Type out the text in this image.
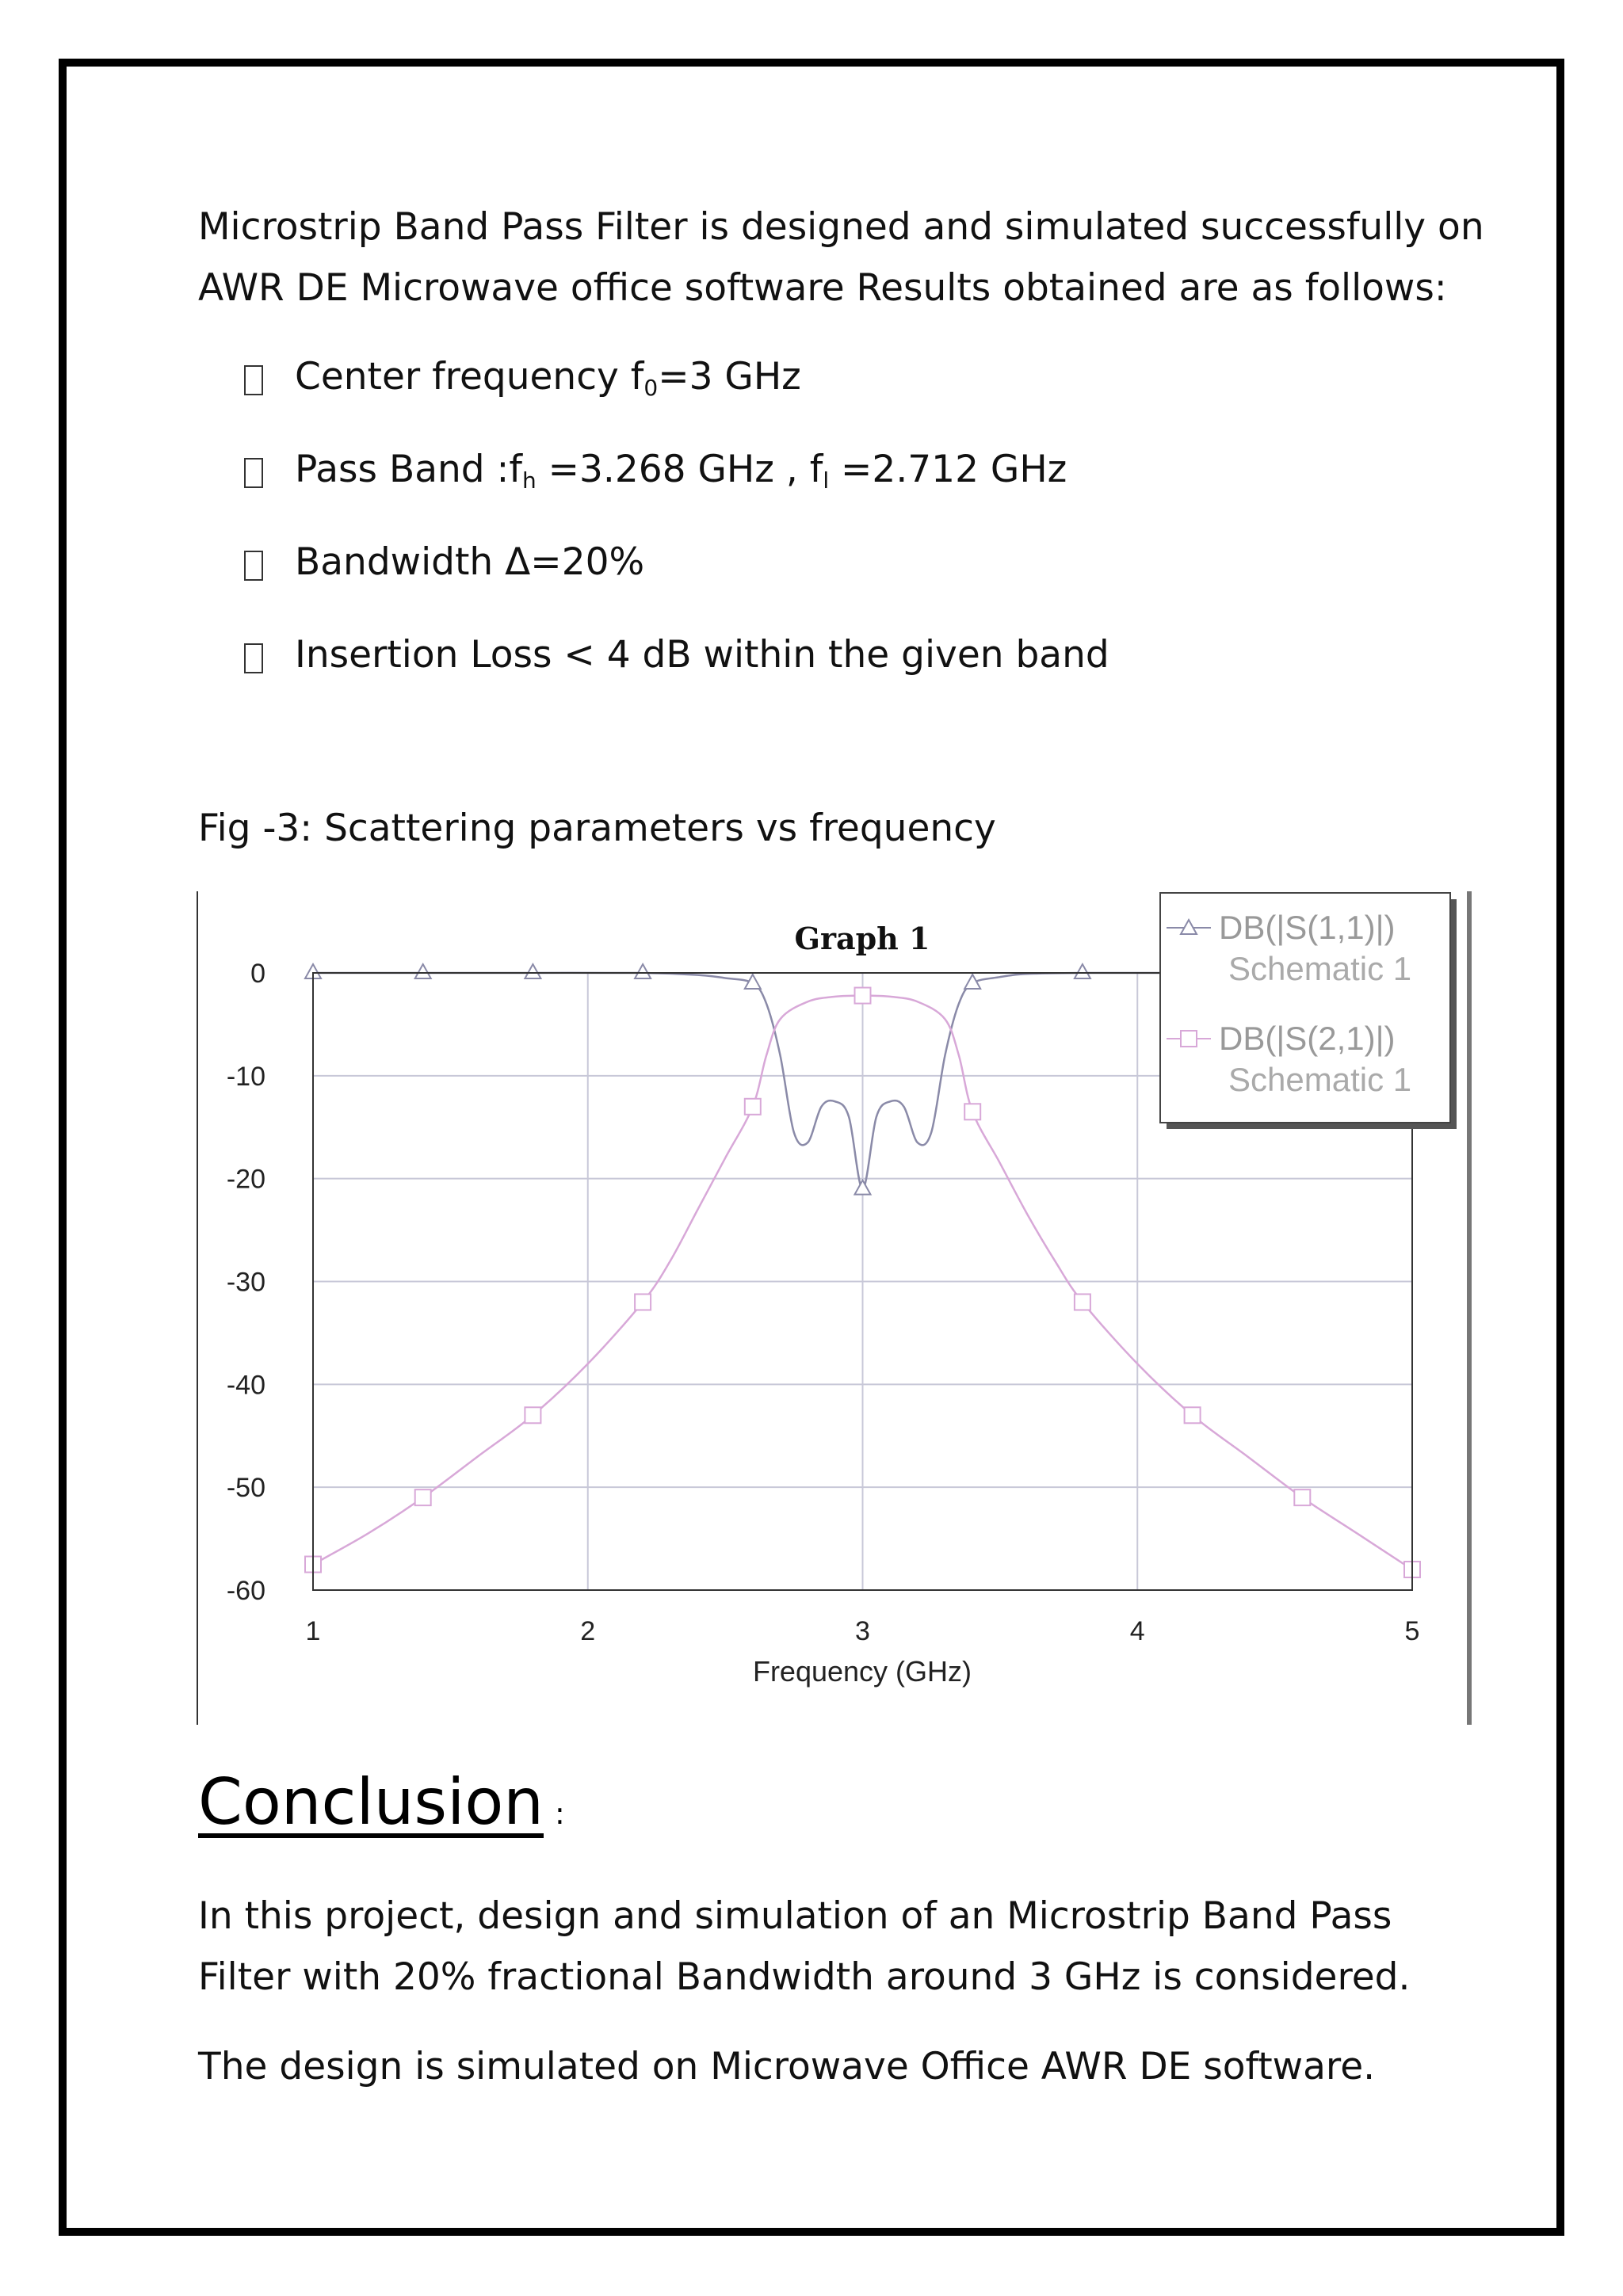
Microstrip Band Pass Filter is designed and simulated successfully on
AWR DE Microwave office software Results obtained are as follows:
Center frequency $f_0=3$ GHz
Pass Band $:f_h =3.268$ GHz , $f_l =2.712$ GHz
Bandwidth Δ=20%
Insertion Loss < 4 dB within the given band
Fig -3: Scattering parameters vs frequency
0
-10
-20
-30
-40
-50
-60
1	2	3	4	5
Graph 1
Frequency (GHz)
DB(|S(1,1)|)
Schematic 1
DB(|S(2,1)|)
Schematic 1
Conclusion :
In this project, design and simulation of an Microstrip Band Pass
Filter with 20% fractional Bandwidth around 3 GHz is considered.
The design is simulated on Microwave Office AWR DE software.
